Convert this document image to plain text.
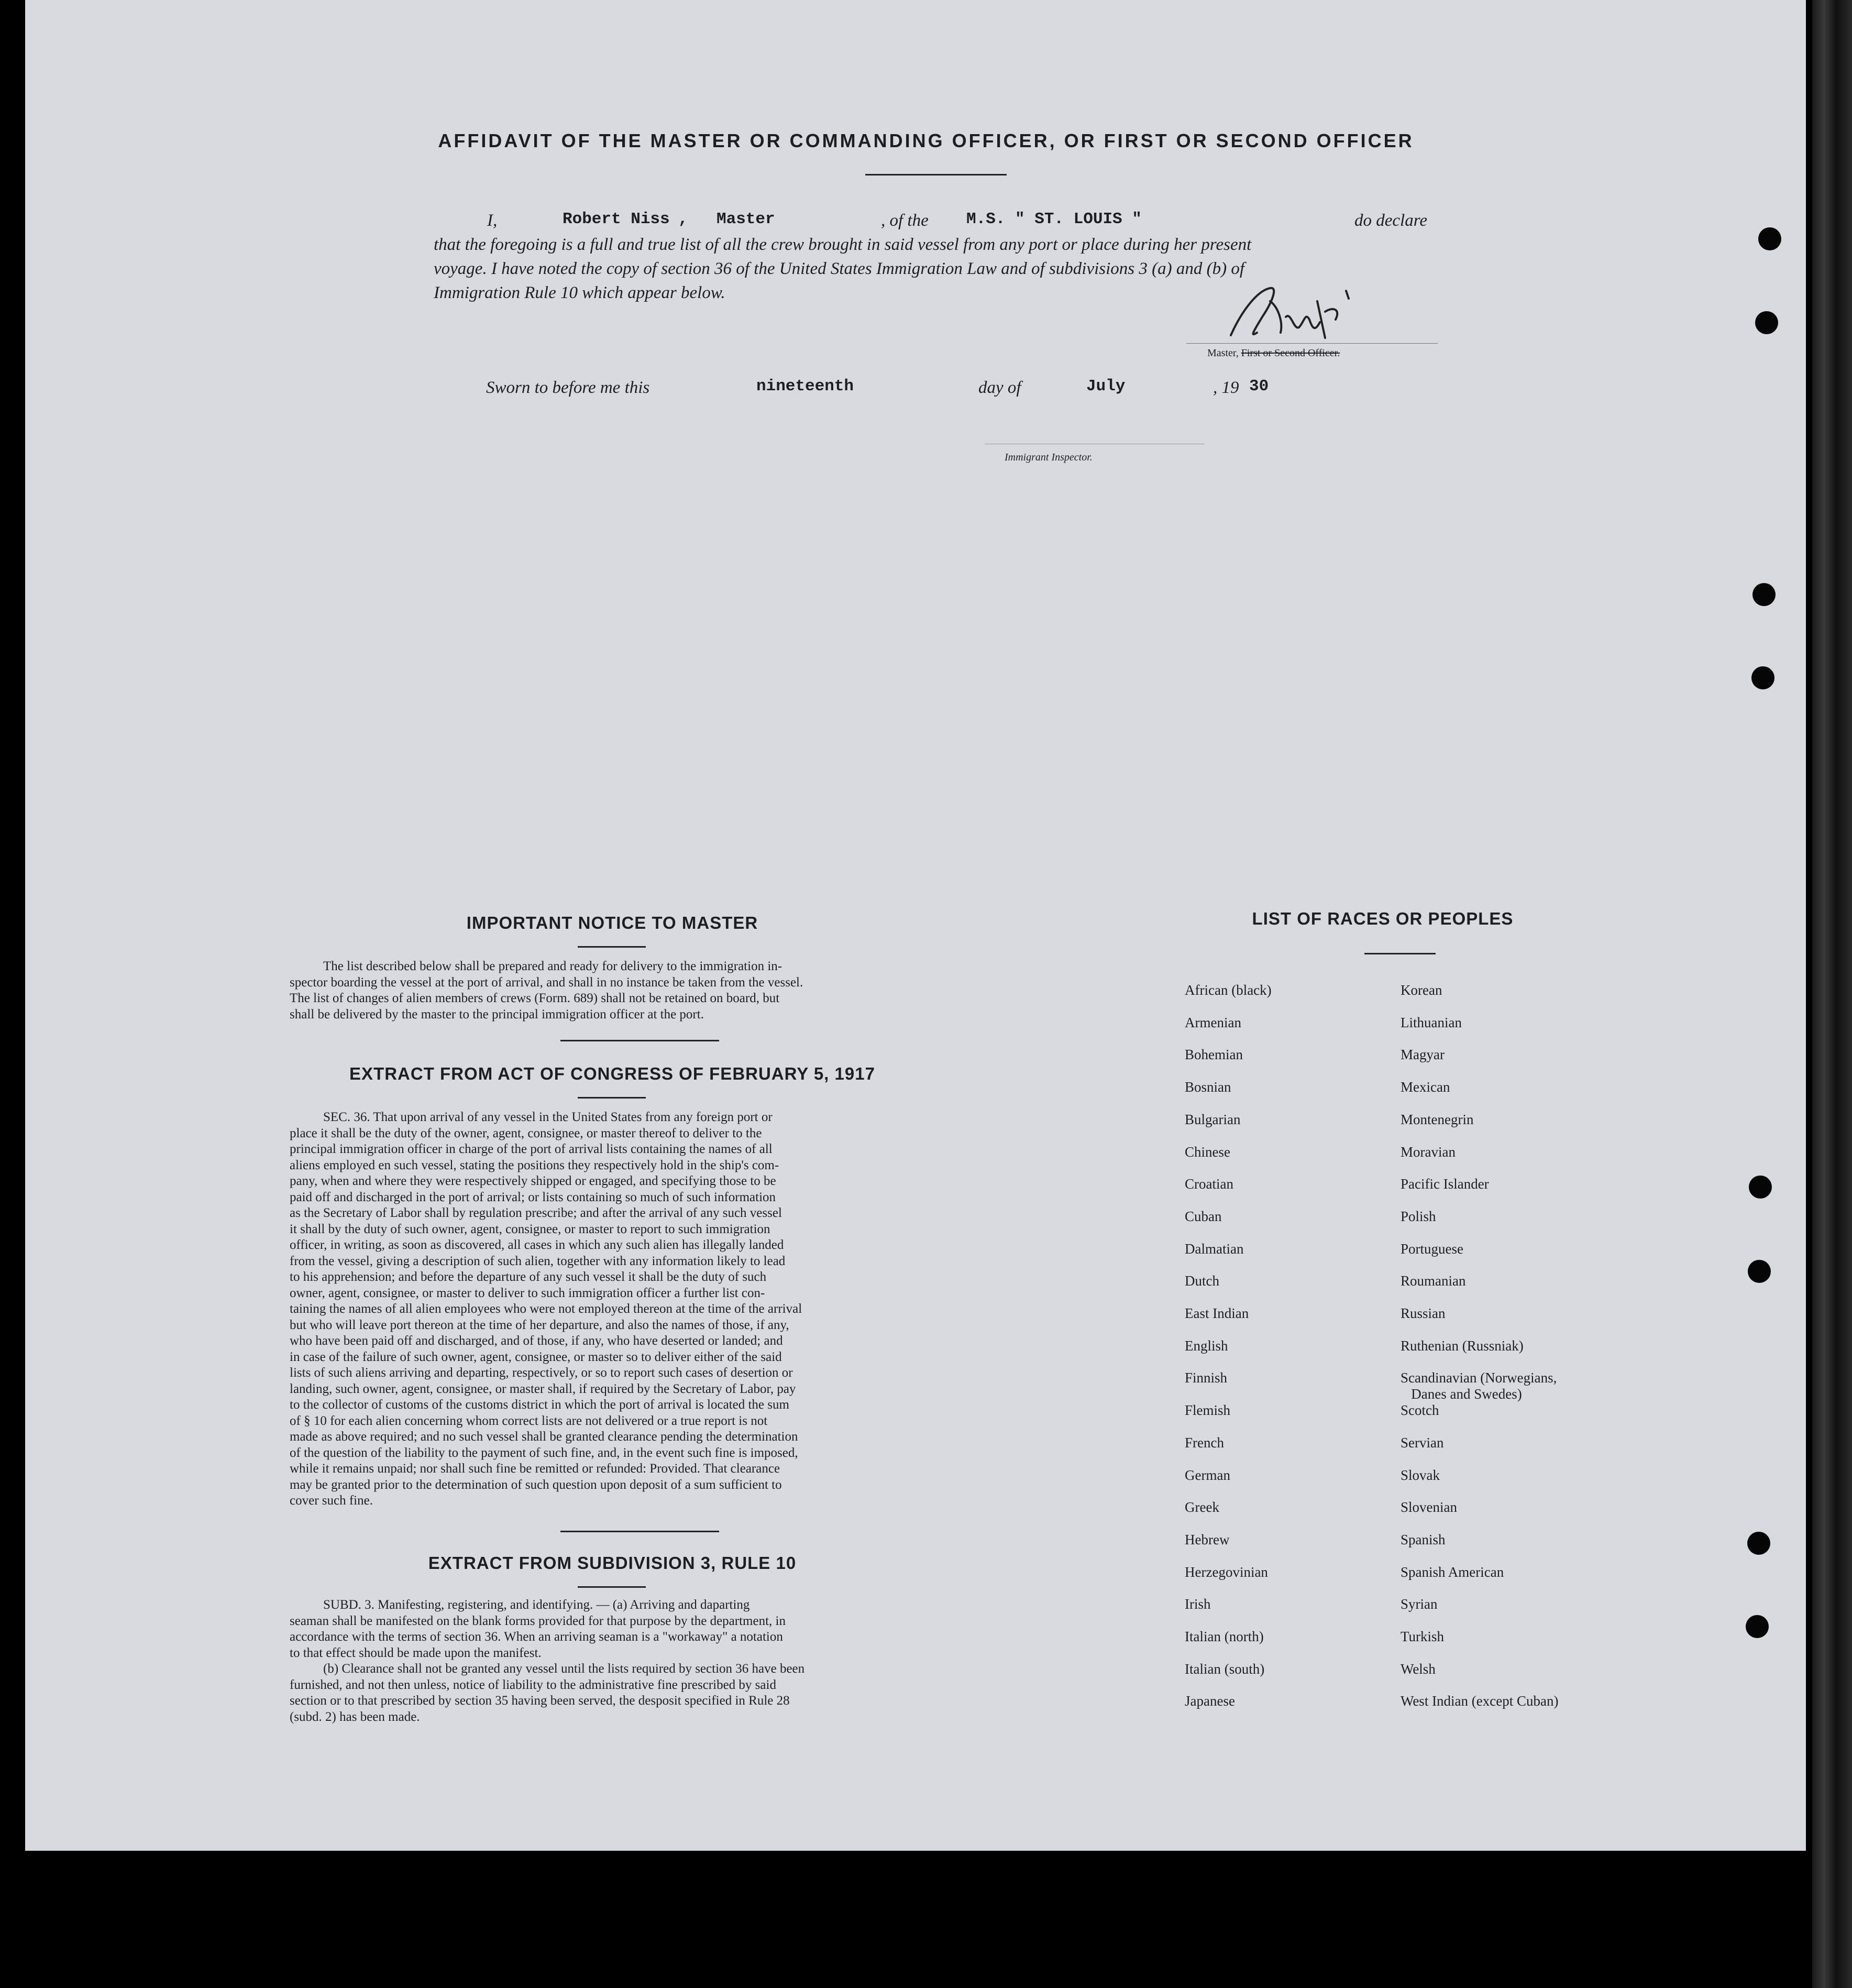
AFFIDAVIT OF THE MASTER OR COMMANDING OFFICER, OR FIRST OR SECOND OFFICER
I,	Robert Niss , Master	, of the M.S. " ST. LOUIS "	do declare
that the foregoing is a full and true list of all the crew brought in said vessel from any port or place during her present
voyage. I have noted the copy of section 36 of the United States Immigration Law and of subdivisions 3 (a) and (b) of
Immigration Rule 10 which appear below.
Master, First or Second Officer.
Sworn to before me this	nineteenth	day of	July	, 19 30
Immigrant Inspector.
IMPORTANT NOTICE TO MASTER
The list described below shall be prepared and ready for delivery to the immigration in-
spector boarding the vessel at the port of arrival, and shall in no instance be taken from the vessel.
The list of changes of alien members of crews (Form. 689) shall not be retained on board, but
shall be delivered by the master to the principal immigration officer at the port.
EXTRACT FROM ACT OF CONGRESS OF FEBRUARY 5, 1917
SEC. 36. That upon arrival of any vessel in the United States from any foreign port or
place it shall be the duty of the owner, agent, consignee, or master thereof to deliver to the
principal immigration officer in charge of the port of arrival lists containing the names of all
aliens employed en such vessel, stating the positions they respectively hold in the ship's com-
pany, when and where they were respectively shipped or engaged, and specifying those to be
paid off and discharged in the port of arrival; or lists containing so much of such information
as the Secretary of Labor shall by regulation prescribe; and after the arrival of any such vessel
it shall by the duty of such owner, agent, consignee, or master to report to such immigration
officer, in writing, as soon as discovered, all cases in which any such alien has illegally landed
from the vessel, giving a description of such alien, together with any information likely to lead
to his apprehension; and before the departure of any such vessel it shall be the duty of such
owner, agent, consignee, or master to deliver to such immigration officer a further list con-
taining the names of all alien employees who were not employed thereon at the time of the arrival
but who will leave port thereon at the time of her departure, and also the names of those, if any,
who have been paid off and discharged, and of those, if any, who have deserted or landed; and
in case of the failure of such owner, agent, consignee, or master so to deliver either of the said
lists of such aliens arriving and departing, respectively, or so to report such cases of desertion or
landing, such owner, agent, consignee, or master shall, if required by the Secretary of Labor, pay
to the collector of customs of the customs district in which the port of arrival is located the sum
of § 10 for each alien concerning whom correct lists are not delivered or a true report is not
made as above required; and no such vessel shall be granted clearance pending the determination
of the question of the liability to the payment of such fine, and, in the event such fine is imposed,
while it remains unpaid; nor shall such fine be remitted or refunded: Provided. That clearance
may be granted prior to the determination of such question upon deposit of a sum sufficient to
cover such fine.
EXTRACT FROM SUBDIVISION 3, RULE 10
SUBD. 3. Manifesting, registering, and identifying. — (a) Arriving and daparting
seaman shall be manifested on the blank forms provided for that purpose by the department, in
accordance with the terms of section 36. When an arriving seaman is a "workaway" a notation
to that effect should be made upon the manifest.
(b) Clearance shall not be granted any vessel until the lists required by section 36 have been
furnished, and not then unless, notice of liability to the administrative fine prescribed by said
section or to that prescribed by section 35 having been served, the desposit specified in Rule 28
(subd. 2) has been made.
LIST OF RACES OR PEOPLES
African (black)
Armenian
Bohemian
Bosnian
Bulgarian
Chinese
Croatian
Cuban
Dalmatian
Dutch
East Indian
English
Finnish
Flemish
French
German
Greek
Hebrew
Herzegovinian
Irish
Italian (north)
Italian (south)
Japanese
Korean
Lithuanian
Magyar
Mexican
Montenegrin
Moravian
Pacific Islander
Polish
Portuguese
Roumanian
Russian
Ruthenian (Russniak)
Scandinavian (Norwegians,
Danes and Swedes)
Scotch
Servian
Slovak
Slovenian
Spanish
Spanish American
Syrian
Turkish
Welsh
West Indian (except Cuban)
